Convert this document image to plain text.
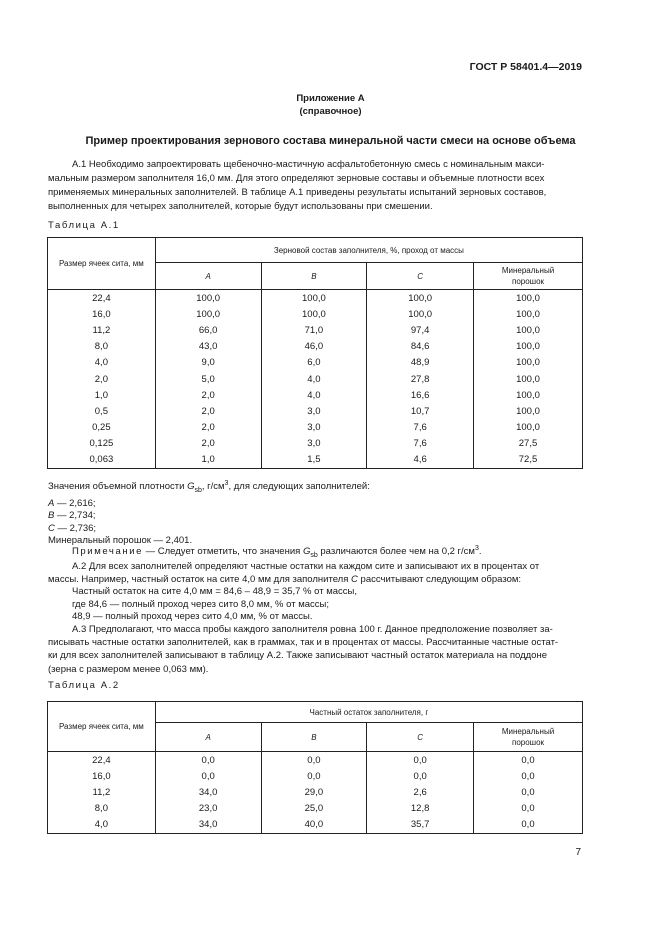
ГОСТ Р 58401.4—2019
Приложение А
(справочное)
Пример проектирования зернового состава минеральной части смеси на основе объема
А.1 Необходимо запроектировать щебеночно-мастичную асфальтобетонную смесь с номинальным макси-
мальным размером заполнителя 16,0 мм. Для этого определяют зерновые составы и объемные плотности всех
применяемых минеральных заполнителей. В таблице А.1 приведены результаты испытаний зерновых составов,
выполненных для четырех заполнителей, которые будут использованы при смешении.
Таблица А.1
Размер ячеек сита, мм	Зерновой состав заполнителя, %, проход от массы			
	А	В	С	Минеральный порошок
22,4	100,0	100,0	100,0	100,0
16,0	100,0	100,0	100,0	100,0
11,2	66,0	71,0	97,4	100,0
8,0	43,0	46,0	84,6	100,0
4,0	9,0	6,0	48,9	100,0
2,0	5,0	4,0	27,8	100,0
1,0	2,0	4,0	16,6	100,0
0,5	2,0	3,0	10,7	100,0
0,25	2,0	3,0	7,6	100,0
0,125	2,0	3,0	7,6	27,5
0,063	1,0	1,5	4,6	72,5
Значения объемной плотности $G_{sb}$, $г/см^3$, для следующих заполнителей:
А — 2,616;
В — 2,734;
С — 2,736;
Минеральный порошок — 2,401.
Примечание — Следует отметить, что значения $G_{sb}$ различаются более чем на 0,2 $г/см^3$.
А.2 Для всех заполнителей определяют частные остатки на каждом сите и записывают их в процентах от
массы. Например, частный остаток на сите 4,0 мм для заполнителя С рассчитывают следующим образом:
Частный остаток на сите 4,0 мм = 84,6 – 48,9 = 35,7 % от массы,
где 84,6 — полный проход через сито 8,0 мм, % от массы;
48,9 — полный проход через сито 4,0 мм, % от массы.
А.3 Предполагают, что масса пробы каждого заполнителя ровна 100 г. Данное предположение позволяет за-
писывать частные остатки заполнителей, как в граммах, так и в процентах от массы. Рассчитанные частные остат-
ки для всех заполнителей записывают в таблицу А.2. Также записывают частный остаток материала на поддоне
(зерна с размером менее 0,063 мм).
Таблица А.2
Размер ячеек сита, мм	Частный остаток заполнителя, г			
	А	В	С	Минеральный порошок
22,4	0,0	0,0	0,0	0,0
16,0	0,0	0,0	0,0	0,0
11,2	34,0	29,0	2,6	0,0
8,0	23,0	25,0	12,8	0,0
4,0	34,0	40,0	35,7	0,0
7
